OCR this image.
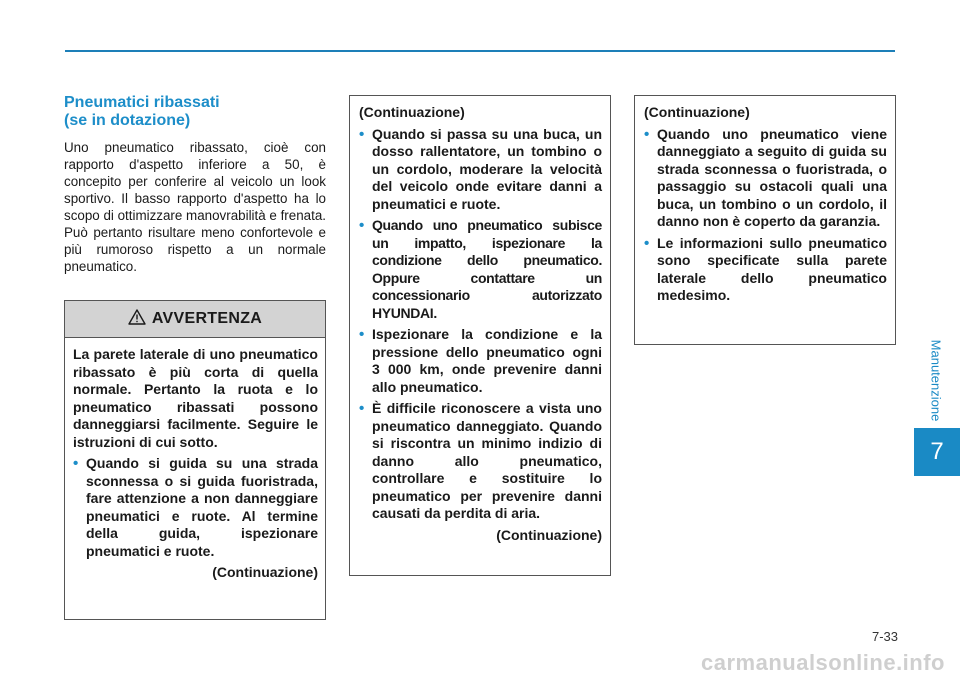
Manutenzione
7
Pneumatici ribassati
(se in dotazione)

Uno pneumatico ribassato, cioè con rapporto d'aspetto inferiore a 50, è concepito per conferire al veicolo un look sportivo. Il basso rapporto d'aspetto ha lo scopo di ottimizzare manovrabilità e frenata. Può pertanto risultare meno confortevole e più rumoroso rispetto a un normale pneumatico.

AVVERTENZA

La parete laterale di uno pneumatico ribassato è più corta di quella normale. Pertanto la ruota e lo pneumatico ribassati possono danneggiarsi facilmente. Seguire le istruzioni di cui sotto.

• Quando si guida su una strada sconnessa o si guida fuoristrada, fare attenzione a non danneggiare pneumatici e ruote. Al termine della guida, ispezionare pneumatici e ruote.
(Continuazione)
(Continuazione)
• Quando si passa su una buca, un dosso rallentatore, un tombino o un cordolo, moderare la velocità del veicolo onde evitare danni a pneumatici e ruote.
• Quando uno pneumatico subisce un impatto, ispezionare la condizione dello pneumatico. Oppure contattare un concessionario autorizzato HYUNDAI.
• Ispezionare la condizione e la pressione dello pneumatico ogni 3 000 km, onde prevenire danni allo pneumatico.
• È difficile riconoscere a vista uno pneumatico danneggiato. Quando si riscontra un minimo indizio di danno allo pneumatico, controllare e sostituire lo pneumatico per prevenire danni causati da perdita di aria.
(Continuazione)
(Continuazione)
• Quando uno pneumatico viene danneggiato a seguito di guida su strada sconnessa o fuoristrada, o passaggio su ostacoli quali una buca, un tombino o un cordolo, il danno non è coperto da garanzia.
• Le informazioni sullo pneumatico sono specificate sulla parete laterale dello pneumatico medesimo.
7-33
carmanualsonline.info
